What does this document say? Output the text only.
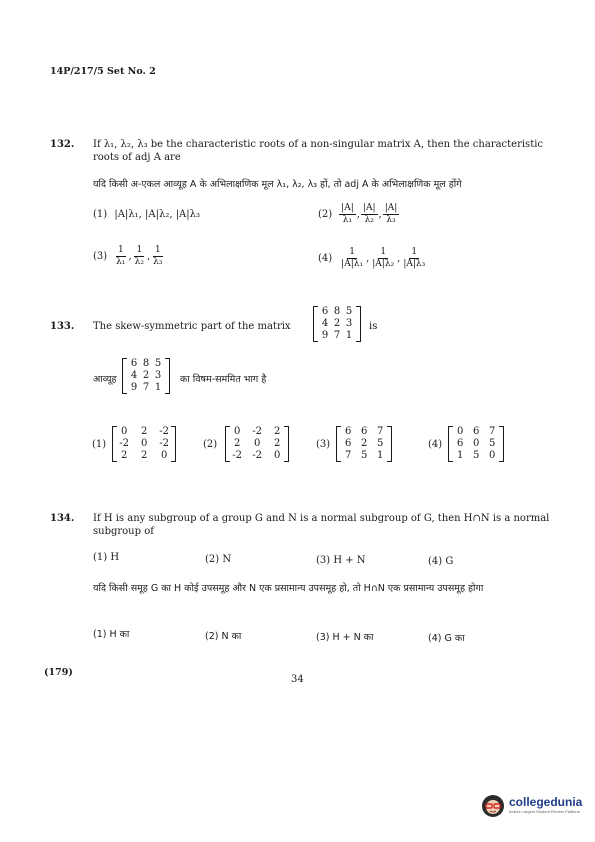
14P/217/5 Set No. 2
132. If λ₁, λ₂, λ₃ be the characteristic roots of a non-singular matrix A, then the characteristic roots of adj A are
यदि किसी अ-एकल आव्यूह A के अभिलाक्षणिक मूल λ₁, λ₂, λ₃ हों, तो adj A के अभिलाक्षणिक मूल होंगे
(1) |A|λ₁, |A|λ₂, |A|λ₃	$(2) \frac{|A|}{\text{λ₁}}$ , $\frac{|A|}{\text{λ₂}}$ , $\frac{|A|}{\text{λ₃}}$
$(3) \frac{1}{\text{λ₁}}$ , $\frac{1}{\text{λ₂}}$ , $\frac{1}{\text{λ₃}}$	$(4) \frac{1}{\text{|A|λ₁}}$ , $\frac{1}{\text{|A|λ₂}}$ , $\frac{1}{\text{|A|λ₃}}$
133. The skew-symmetric part of the matrix
6 8 5
4 2 3
9 7 1
is
आव्यूह
6 8 5
4 2 3
9 7 1
का विषम-सममित भाग है
(1)
0 2 -2
-2 0 -2
2 2 0
(2)
0 -2 2
2 0 2
-2 -2 0
(3)
6 6 7
6 2 5
7 5 1
(4)
0 6 7
6 0 5
1 5 0
134. If H is any subgroup of a group G and N is a normal subgroup of G, then H∩N is a normal subgroup of
(1) H	(2) N	(3) H + N	(4) G
यदि किसी समूह G का H कोई उपसमूह और N एक प्रसामान्य उपसमूह हो, तो H∩N एक प्रसामान्य उपसमूह होगा
(1) H का	(2) N का	(3) H + N का	(4) G का
(179)
34
collegedunia
India's Largest Student Review Platform
